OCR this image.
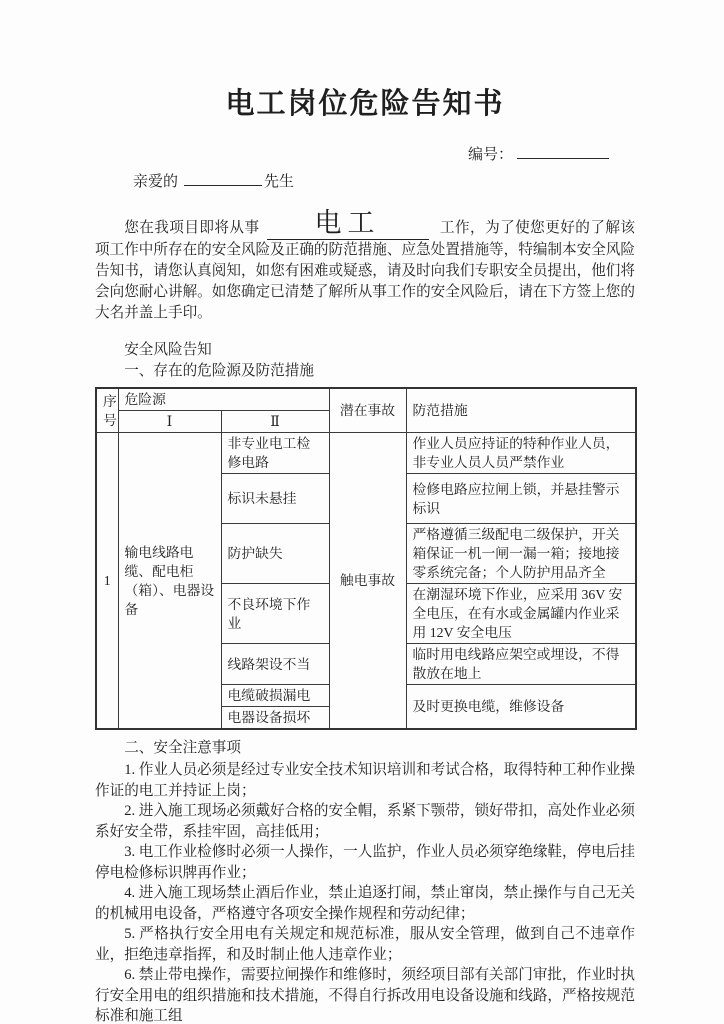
电工岗位危险告知书
编号：
亲爱的	先生

您在我项目即将从事 电工	工作，为了使您更好的了解该项工作中所存在的安全风险及正确的防范措施、应急处置措施等，特编制本安全风险告知书，请您认真阅知，如您有困难或疑惑，请及时向我们专职安全员提出，他们将会向您耐心讲解。如您确定已清楚了解所从事工作的安全风险后，请在下方签上您的大名并盖上手印。

安全风险告知
一、存在的危险源及防范措施
序号	危险源		潜在事故	防范措施
	Ⅰ	Ⅱ		
1	输电线路电缆、配电柜（箱）、电器设备	非专业电工检修电路	触电事故	作业人员应持证的特种作业人员，非专业人员人员严禁作业
		标识未悬挂		检修电路应拉闸上锁，并悬挂警示标识
		防护缺失		严格遵循三级配电二级保护，开关箱保证一机一闸一漏一箱；接地接零系统完备；个人防护用品齐全
		不良环境下作业		在潮湿环境下作业，应采用 36V 安全电压，在有水或金属罐内作业采用 12V 安全电压
		线路架设不当		临时用电线路应架空或埋设，不得散放在地上
		电缆破损漏电		及时更换电缆，维修设备
		电器设备损坏		
二、安全注意事项

1. 作业人员必须是经过专业安全技术知识培训和考试合格，取得特种工种作业操作证的电工并持证上岗；

2. 进入施工现场必须戴好合格的安全帽，系紧下颚带，锁好带扣，高处作业必须系好安全带，系挂牢固，高挂低用；

3. 电工作业检修时必须一人操作，一人监护，作业人员必须穿绝缘鞋，停电后挂停电检修标识牌再作业；

4. 进入施工现场禁止酒后作业，禁止追逐打闹，禁止窜岗，禁止操作与自己无关的机械用电设备，严格遵守各项安全操作规程和劳动纪律；

5. 严格执行安全用电有关规定和规范标准，服从安全管理，做到自己不违章作业，拒绝违章指挥，和及时制止他人违章作业；

6. 禁止带电操作，需要拉闸操作和维修时，须经项目部有关部门审批，作业时执行安全用电的组织措施和技术措施，不得自行拆改用电设备设施和线路，严格按规范标准和施工组
